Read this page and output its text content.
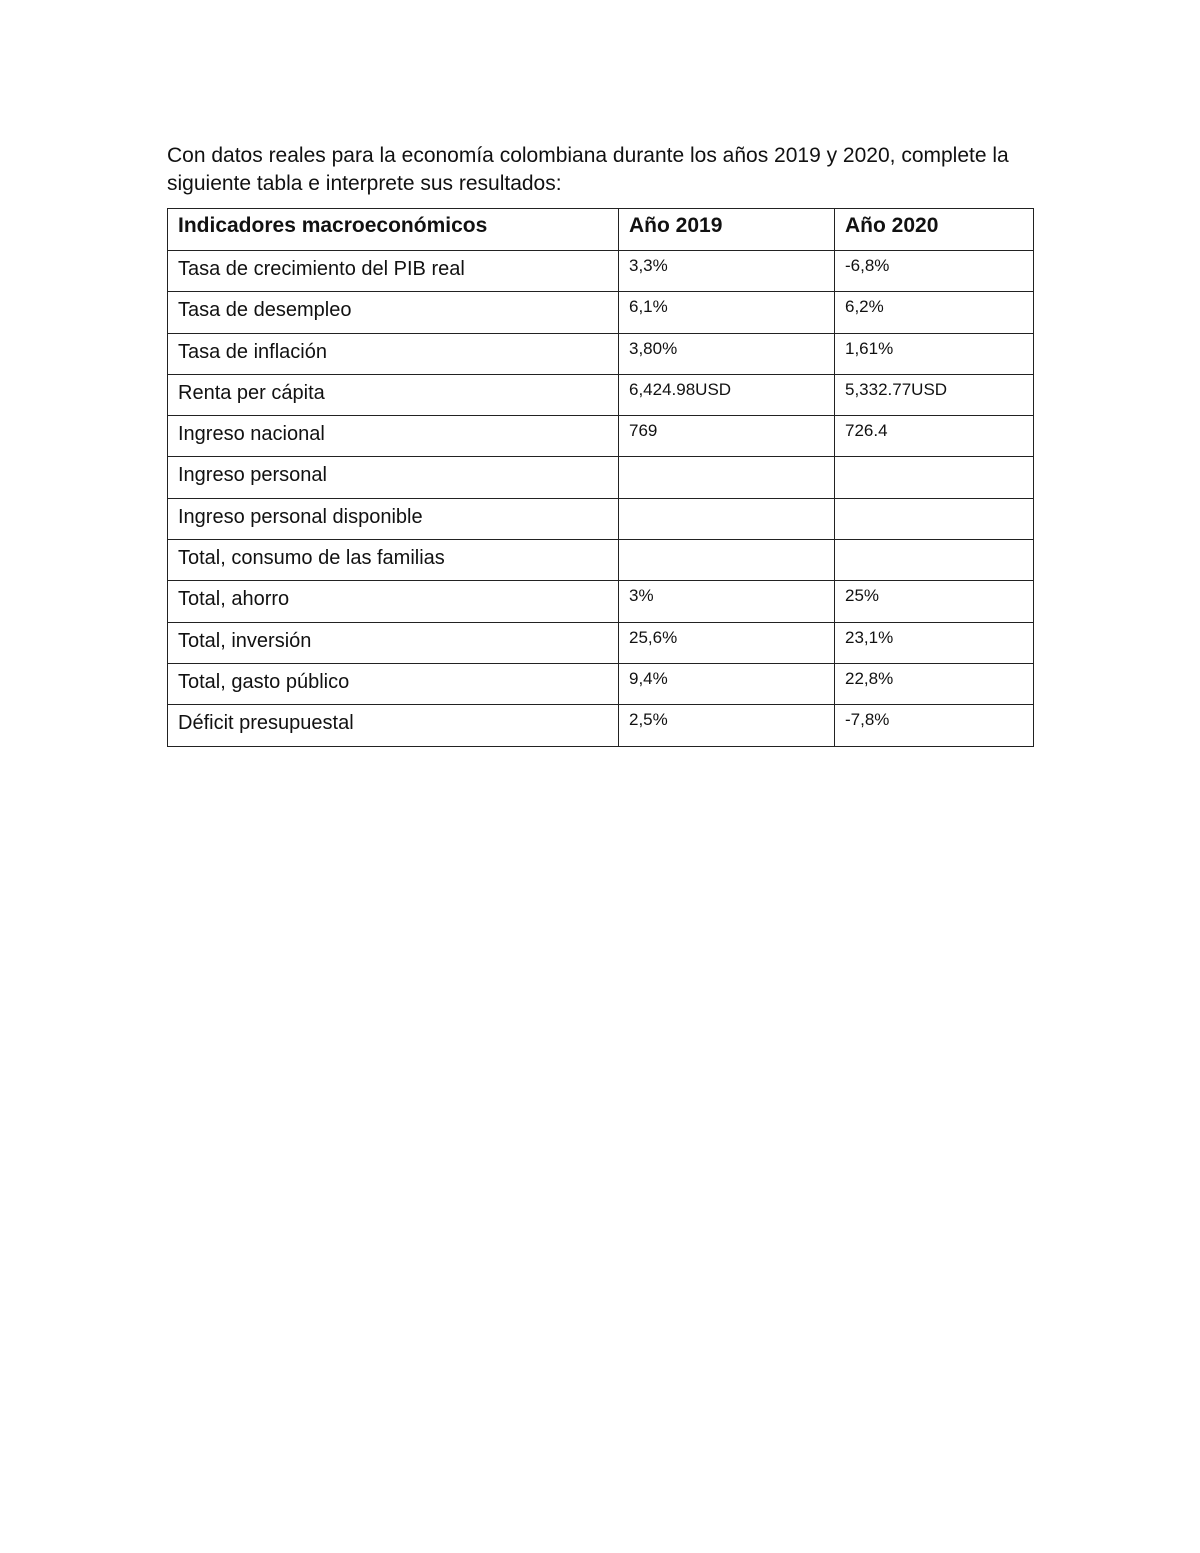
Con datos reales para la economía colombiana durante los años 2019 y 2020, complete la
siguiente tabla e interprete sus resultados:

Indicadores macroeconómicos	Año 2019	Año 2020
Tasa de crecimiento del PIB real	3,3%	-6,8%
Tasa de desempleo	6,1%	6,2%
Tasa de inflación	3,80%	1,61%
Renta per cápita	6,424.98USD	5,332.77USD
Ingreso nacional	769	726.4
Ingreso personal		
Ingreso personal disponible		
Total, consumo de las familias		
Total, ahorro	3%	25%
Total, inversión	25,6%	23,1%
Total, gasto público	9,4%	22,8%
Déficit presupuestal	2,5%	-7,8%
